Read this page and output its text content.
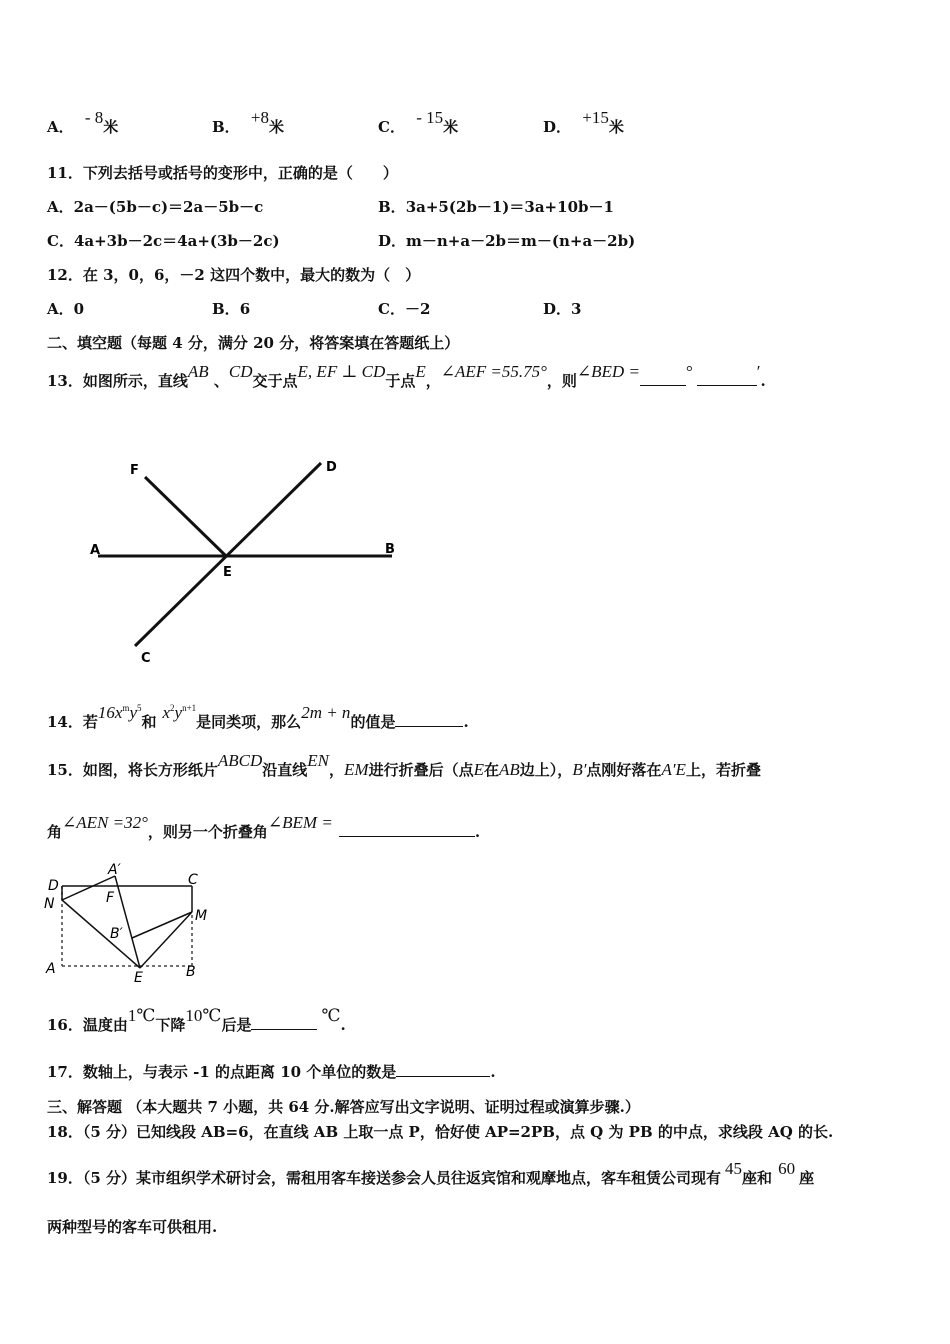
A． - 8米	B． +8米	C． - 15米	D． +15米
11．下列去括号或括号的变形中，正确的是（　　）
A．2a－(5b－c)＝2a－5b－c	B．3a+5(2b－1)＝3a+10b－1
C．4a+3b－2c＝4a+(3b－2c)	D．m－n+a－2b＝m－(n+a－2b)
12．在 3，0，6，－2 这四个数中，最大的数为（　）
A．0	B．6	C．－2	D．3
二、填空题（每题 4 分，满分 20 分，将答案填在答题纸上）
13．如图所示，直线AB 、CD交于点E, EF ⊥ CD于点E，∠AEF =55.75°，则∠BED =	°	′.
F	D
A	B
E
C
14．若$16x^my^5$和 $x^2y^{n+1}$是同类项，那么2m + n的值是	.
15．如图，将长方形纸片ABCD沿直线EN，EM进行折叠后（点E在AB边上），B′点刚好落在A′E上，若折叠
角∠AEN =32°，则另一个折叠角∠BEM =	.
D
A′
C
F
N
M
B′
A
E	B
16．温度由1℃下降10℃后是	℃.
17．数轴上，与表示 -1 的点距离 10 个单位的数是	.
三、解答题 （本大题共 7 小题，共 64 分.解答应写出文字说明、证明过程或演算步骤.）
18．（5 分）已知线段 AB=6，在直线 AB 上取一点 P，恰好使 AP=2PB，点 Q 为 PB 的中点，求线段 AQ 的长.
19．（5 分）某市组织学术研讨会，需租用客车接送参会人员往返宾馆和观摩地点，客车租赁公司现有 45座和 60 座
两种型号的客车可供租用.
